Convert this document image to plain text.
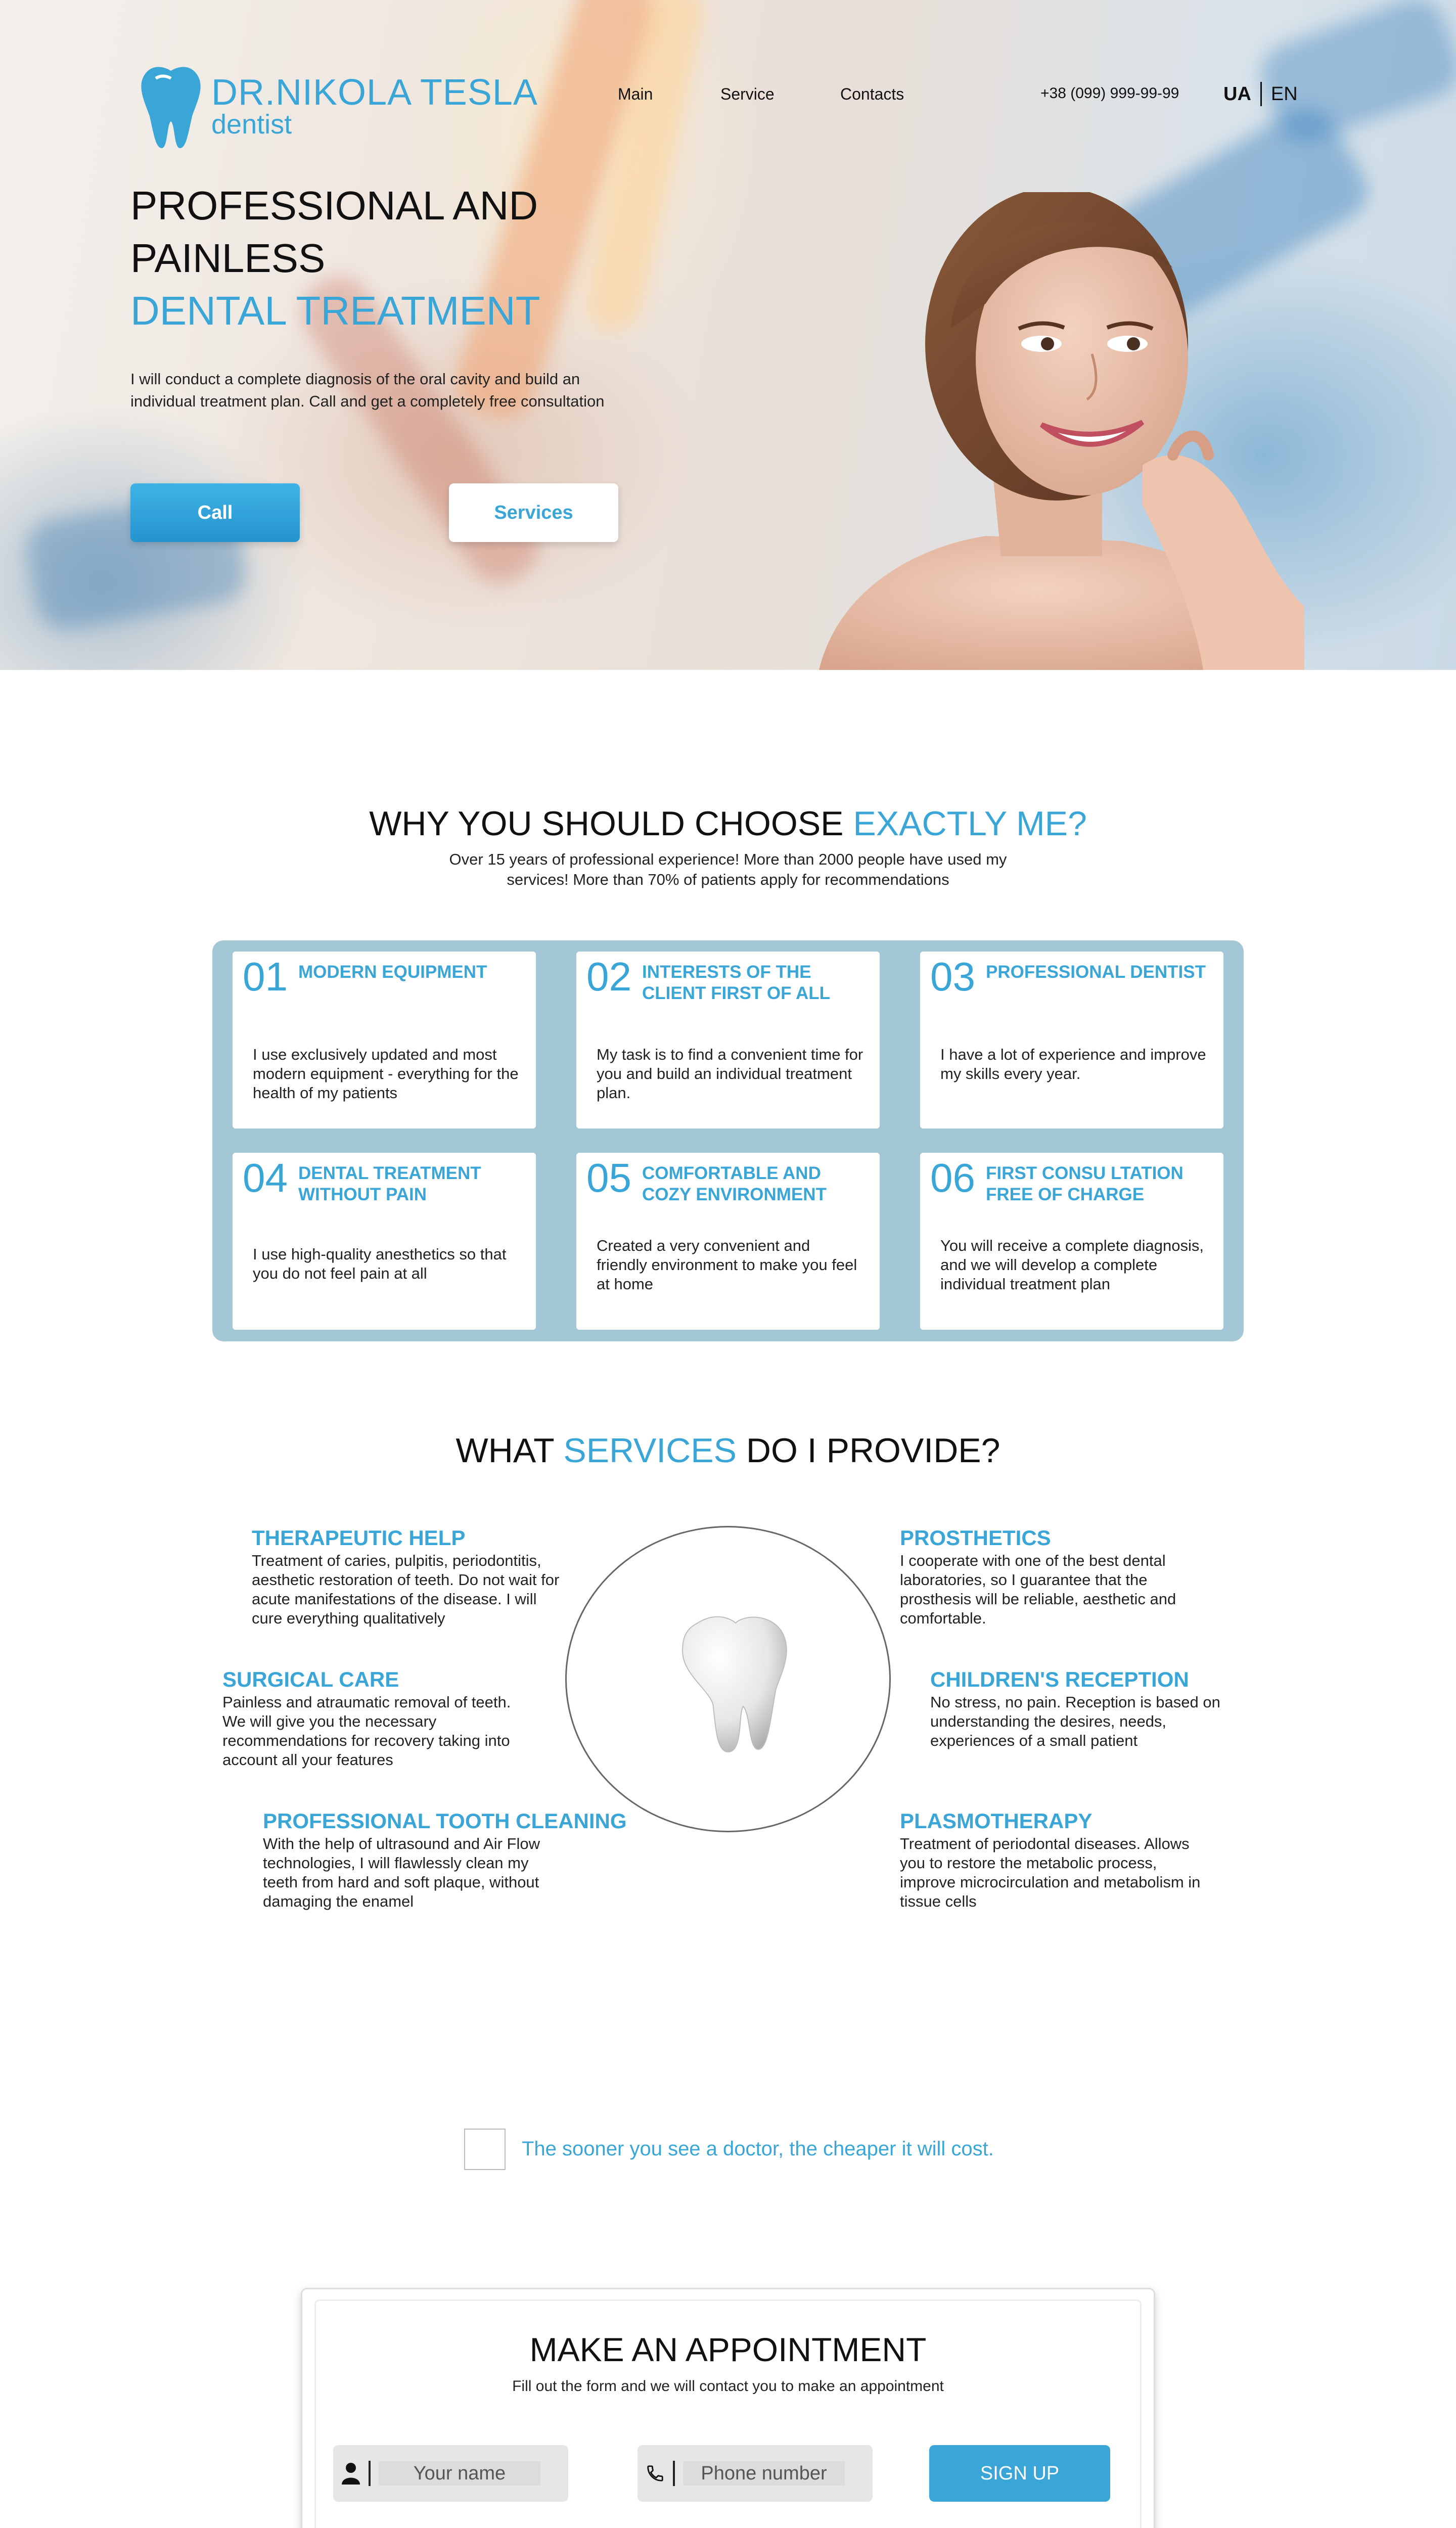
DR.NIKOLA TESLA
dentist
Main	Service	Contacts	+38 (099) 999-99-99 UA EN
PROFESSIONAL AND
PAINLESS
DENTAL TREATMENT
I will conduct a complete diagnosis of the oral cavity and build an individual treatment plan. Call and get a completely free consultation
Call	Services
WHY YOU SHOULD CHOOSE EXACTLY ME?
Over 15 years of professional experience! More than 2000 people have used my services! More than 70% of patients apply for recommendations
01 MODERN EQUIPMENT
I use exclusively updated and most modern equipment - everything for the health of my patients
02 INTERESTS OF THE CLIENT FIRST OF ALL
My task is to find a convenient time for you and build an individual treatment plan.
03 PROFESSIONAL DENTIST
I have a lot of experience and improve my skills every year.
04 DENTAL TREATMENT WITHOUT PAIN
I use high-quality anesthetics so that you do not feel pain at all
05 COMFORTABLE AND COZY ENVIRONMENT
Created a very convenient and friendly environment to make you feel at home
06 FIRST CONSU LTATION FREE OF CHARGE
You will receive a complete diagnosis, and we will develop a complete individual treatment plan
WHAT SERVICES DO I PROVIDE?
THERAPEUTIC HELP
Treatment of caries, pulpitis, periodontitis, aesthetic restoration of teeth. Do not wait for acute manifestations of the disease. I will cure everything qualitatively
PROSTHETICS
I cooperate with one of the best dental laboratories, so I guarantee that the prosthesis will be reliable, aesthetic and comfortable.
SURGICAL CARE
Painless and atraumatic removal of teeth. We will give you the necessary recommendations for recovery taking into account all your features
CHILDREN'S RECEPTION
No stress, no pain. Reception is based on understanding the desires, needs, experiences of a small patient
PROFESSIONAL TOOTH CLEANING
With the help of ultrasound and Air Flow technologies, I will flawlessly clean my teeth from hard and soft plaque, without damaging the enamel
PLASMOTHERAPY
Treatment of periodontal diseases. Allows you to restore the metabolic process, improve microcirculation and metabolism in tissue cells
The sooner you see a doctor, the cheaper it will cost.
MAKE AN APPOINTMENT
Fill out the form and we will contact you to make an appointment
Your name
Phone number
SIGN UP
